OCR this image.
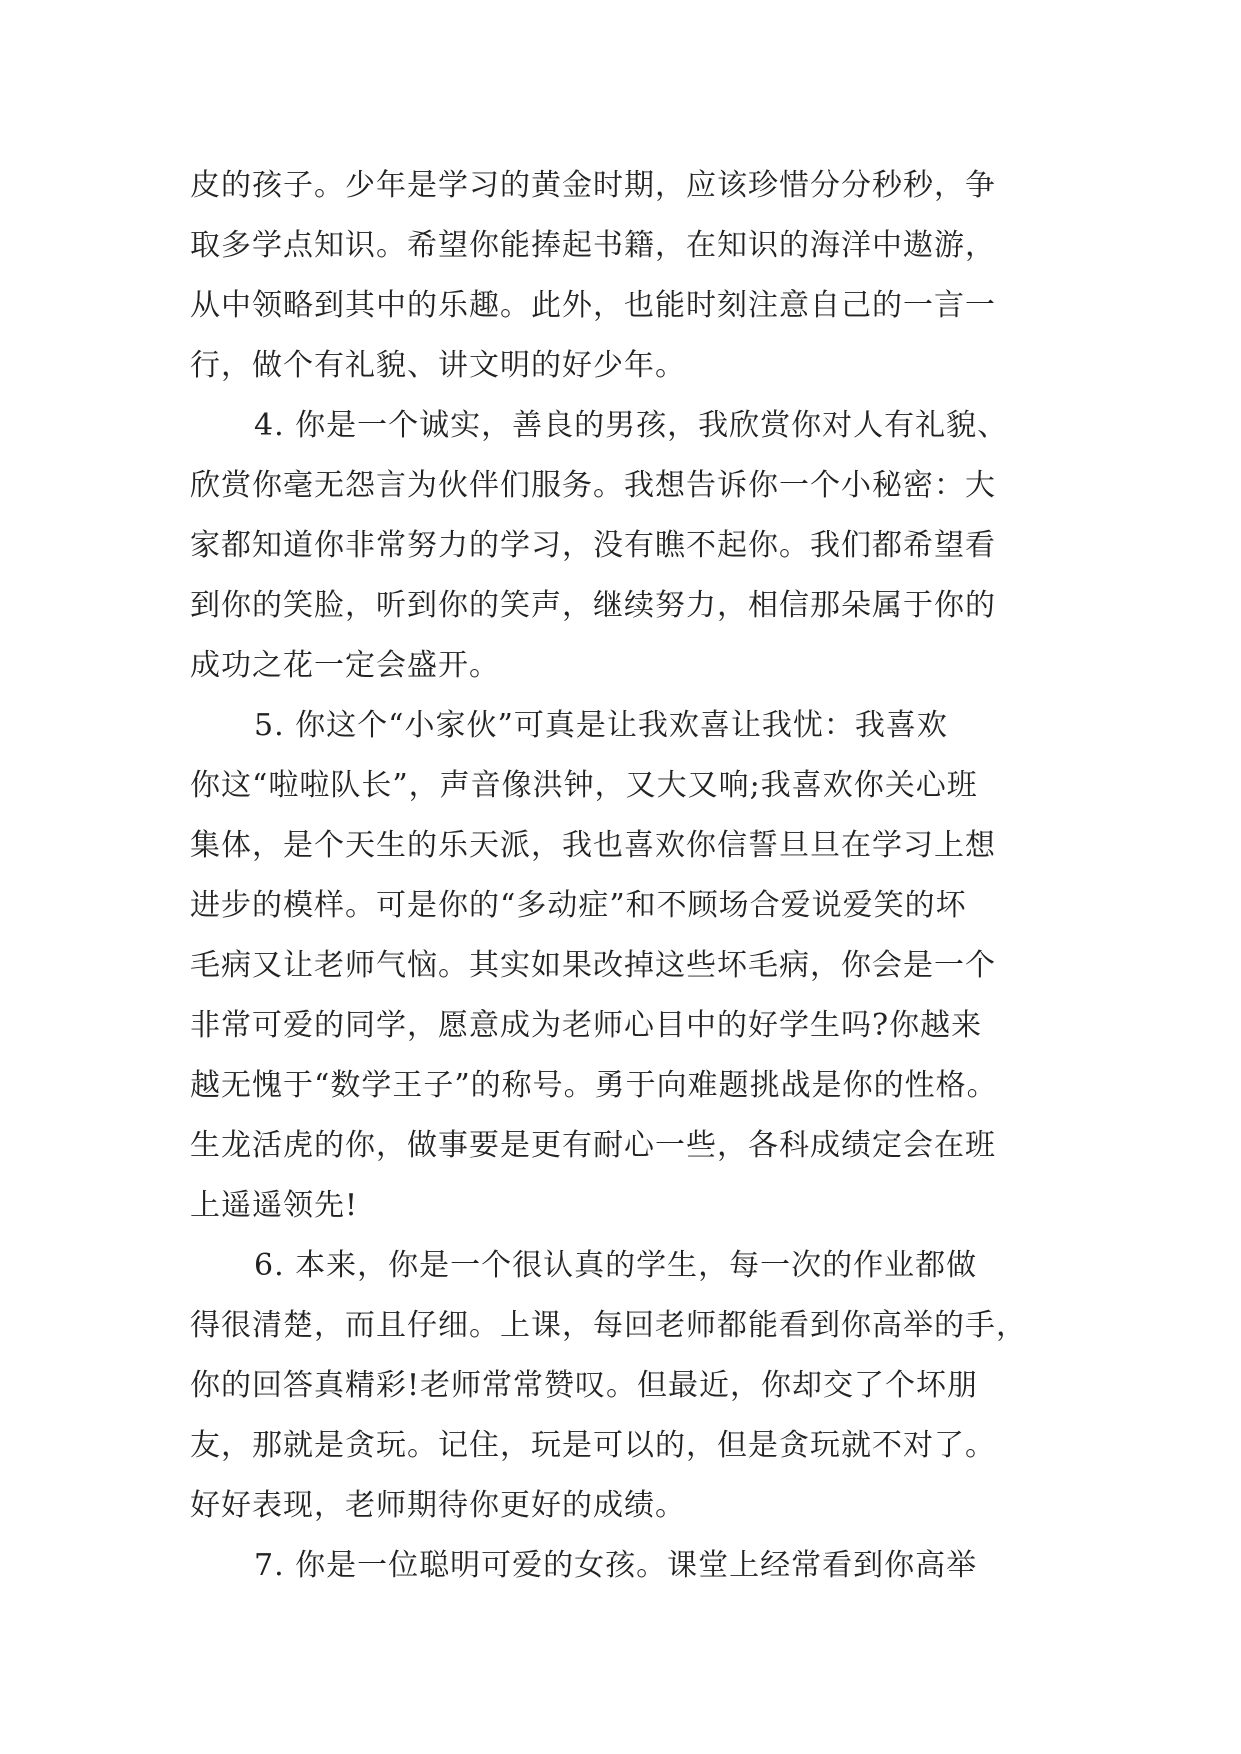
皮的孩子。少年是学习的黄金时期，应该珍惜分分秒秒，争
取多学点知识。希望你能捧起书籍，在知识的海洋中遨游，
从中领略到其中的乐趣。此外，也能时刻注意自己的一言一
行，做个有礼貌、讲文明的好少年。
4. 你是一个诚实，善良的男孩，我欣赏你对人有礼貌、
欣赏你毫无怨言为伙伴们服务。我想告诉你一个小秘密：大
家都知道你非常努力的学习，没有瞧不起你。我们都希望看
到你的笑脸，听到你的笑声，继续努力，相信那朵属于你的
成功之花一定会盛开。
5. 你这个“小家伙”可真是让我欢喜让我忧：我喜欢
你这“啦啦队长”，声音像洪钟，又大又响;我喜欢你关心班
集体，是个天生的乐天派，我也喜欢你信誓旦旦在学习上想
进步的模样。可是你的“多动症”和不顾场合爱说爱笑的坏
毛病又让老师气恼。其实如果改掉这些坏毛病，你会是一个
非常可爱的同学，愿意成为老师心目中的好学生吗?你越来
越无愧于“数学王子”的称号。勇于向难题挑战是你的性格。
生龙活虎的你，做事要是更有耐心一些，各科成绩定会在班
上遥遥领先!
6. 本来，你是一个很认真的学生，每一次的作业都做
得很清楚，而且仔细。上课，每回老师都能看到你高举的手，
你的回答真精彩!老师常常赞叹。但最近，你却交了个坏朋
友，那就是贪玩。记住，玩是可以的，但是贪玩就不对了。
好好表现，老师期待你更好的成绩。
7. 你是一位聪明可爱的女孩。课堂上经常看到你高举
